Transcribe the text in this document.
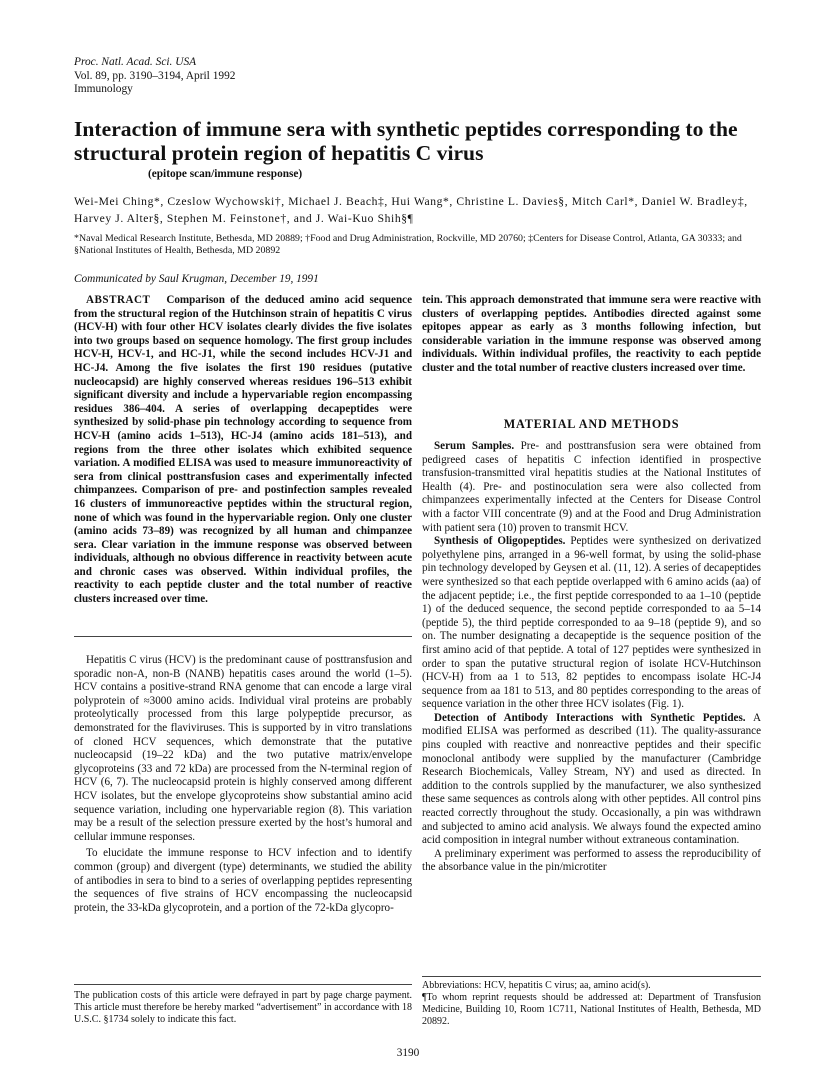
Proc. Natl. Acad. Sci. USA
Vol. 89, pp. 3190–3194, April 1992
Immunology
Interaction of immune sera with synthetic peptides corresponding to the structural protein region of hepatitis C virus
(epitope scan/immune response)
Wei-Mei Ching*, Czeslow Wychowski†, Michael J. Beach‡, Hui Wang*, Christine L. Davies§, Mitch Carl*, Daniel W. Bradley‡, Harvey J. Alter§, Stephen M. Feinstone†, and J. Wai-Kuo Shih§¶
*Naval Medical Research Institute, Bethesda, MD 20889; †Food and Drug Administration, Rockville, MD 20760; ‡Centers for Disease Control, Atlanta, GA 30333; and §National Institutes of Health, Bethesda, MD 20892
Communicated by Saul Krugman, December 19, 1991

ABSTRACT Comparison of the deduced amino acid sequence from the structural region of the Hutchinson strain of hepatitis C virus (HCV-H) with four other HCV isolates clearly divides the five isolates into two groups based on sequence homology. The first group includes HCV-H, HCV-1, and HC-J1, while the second includes HCV-J1 and HC-J4. Among the five isolates the first 190 residues (putative nucleocapsid) are highly conserved whereas residues 196–513 exhibit significant diversity and include a hypervariable region encompassing residues 386–404. A series of overlapping decapeptides were synthesized by solid-phase pin technology according to sequence from HCV-H (amino acids 1–513), HC-J4 (amino acids 181–513), and regions from the three other isolates which exhibited sequence variation. A modified ELISA was used to measure immunoreactivity of sera from clinical posttransfusion cases and experimentally infected chimpanzees. Comparison of pre- and postinfection samples revealed 16 clusters of immunoreactive peptides within the structural region, none of which was found in the hypervariable region. Only one cluster (amino acids 73–89) was recognized by all human and chimpanzee sera. Clear variation in the immune response was observed between individuals, although no obvious difference in reactivity between acute and chronic cases was observed. Within individual profiles, the reactivity to each peptide cluster and the total number of reactive clusters increased over time.

Hepatitis C virus (HCV) is the predominant cause of posttransfusion and sporadic non-A, non-B (NANB) hepatitis cases around the world (1–5). HCV contains a positive-strand RNA genome that can encode a large viral polyprotein of ≈3000 amino acids. Individual viral proteins are probably proteolytically processed from this large polypeptide precursor, as demonstrated for the flaviviruses. This is supported by in vitro translations of cloned HCV sequences, which demonstrate that the putative nucleocapsid (19–22 kDa) and the two putative matrix/envelope glycoproteins (33 and 72 kDa) are processed from the N-terminal region of HCV (6, 7). The nucleocapsid protein is highly conserved among different HCV isolates, but the envelope glycoproteins show substantial amino acid sequence variation, including one hypervariable region (8). This variation may be a result of the selection pressure exerted by the host’s humoral and cellular immune responses.

To elucidate the immune response to HCV infection and to identify common (group) and divergent (type) determinants, we studied the ability of antibodies in sera to bind to a series of overlapping peptides representing the sequences of five strains of HCV encompassing the nucleocapsid protein, the 33-kDa glycoprotein, and a portion of the 72-kDa glycopro-

The publication costs of this article were defrayed in part by page charge payment. This article must therefore be hereby marked “advertisement” in accordance with 18 U.S.C. §1734 solely to indicate this fact.

tein. This approach demonstrated that immune sera were reactive with clusters of overlapping peptides. Antibodies directed against some epitopes appear as early as 3 months following infection, but considerable variation in the immune response was observed among individuals. Within individual profiles, the reactivity to each peptide cluster and the total number of reactive clusters increased over time.

MATERIAL AND METHODS

Serum Samples. Pre- and posttransfusion sera were obtained from pedigreed cases of hepatitis C infection identified in prospective transfusion-transmitted viral hepatitis studies at the National Institutes of Health (4). Pre- and postinoculation sera were also collected from chimpanzees experimentally infected at the Centers for Disease Control with a factor VIII concentrate (9) and at the Food and Drug Administration with patient sera (10) proven to transmit HCV.

Synthesis of Oligopeptides. Peptides were synthesized on derivatized polyethylene pins, arranged in a 96-well format, by using the solid-phase pin technology developed by Geysen et al. (11, 12). A series of decapeptides were synthesized so that each peptide overlapped with 6 amino acids (aa) of the adjacent peptide; i.e., the first peptide corresponded to aa 1–10 (peptide 1) of the deduced sequence, the second peptide corresponded to aa 5–14 (peptide 5), the third peptide corresponded to aa 9–18 (peptide 9), and so on. The number designating a decapeptide is the sequence position of the first amino acid of that peptide. A total of 127 peptides were synthesized in order to span the putative structural region of isolate HCV-Hutchinson (HCV-H) from aa 1 to 513, 82 peptides to encompass isolate HC-J4 sequence from aa 181 to 513, and 80 peptides corresponding to the areas of sequence variation in the other three HCV isolates (Fig. 1).

Detection of Antibody Interactions with Synthetic Peptides. A modified ELISA was performed as described (11). The quality-assurance pins coupled with reactive and nonreactive peptides and their specific monoclonal antibody were supplied by the manufacturer (Cambridge Research Biochemicals, Valley Stream, NY) and used as directed. In addition to the controls supplied by the manufacturer, we also synthesized these same sequences as controls along with other peptides. All control pins reacted correctly throughout the study. Occasionally, a pin was withdrawn and subjected to amino acid analysis. We always found the expected amino acid composition in integral number without extraneous contamination.

A preliminary experiment was performed to assess the reproducibility of the absorbance value in the pin/microtiter

Abbreviations: HCV, hepatitis C virus; aa, amino acid(s).

¶To whom reprint requests should be addressed at: Department of Transfusion Medicine, Building 10, Room 1C711, National Institutes of Health, Bethesda, MD 20892.

3190
